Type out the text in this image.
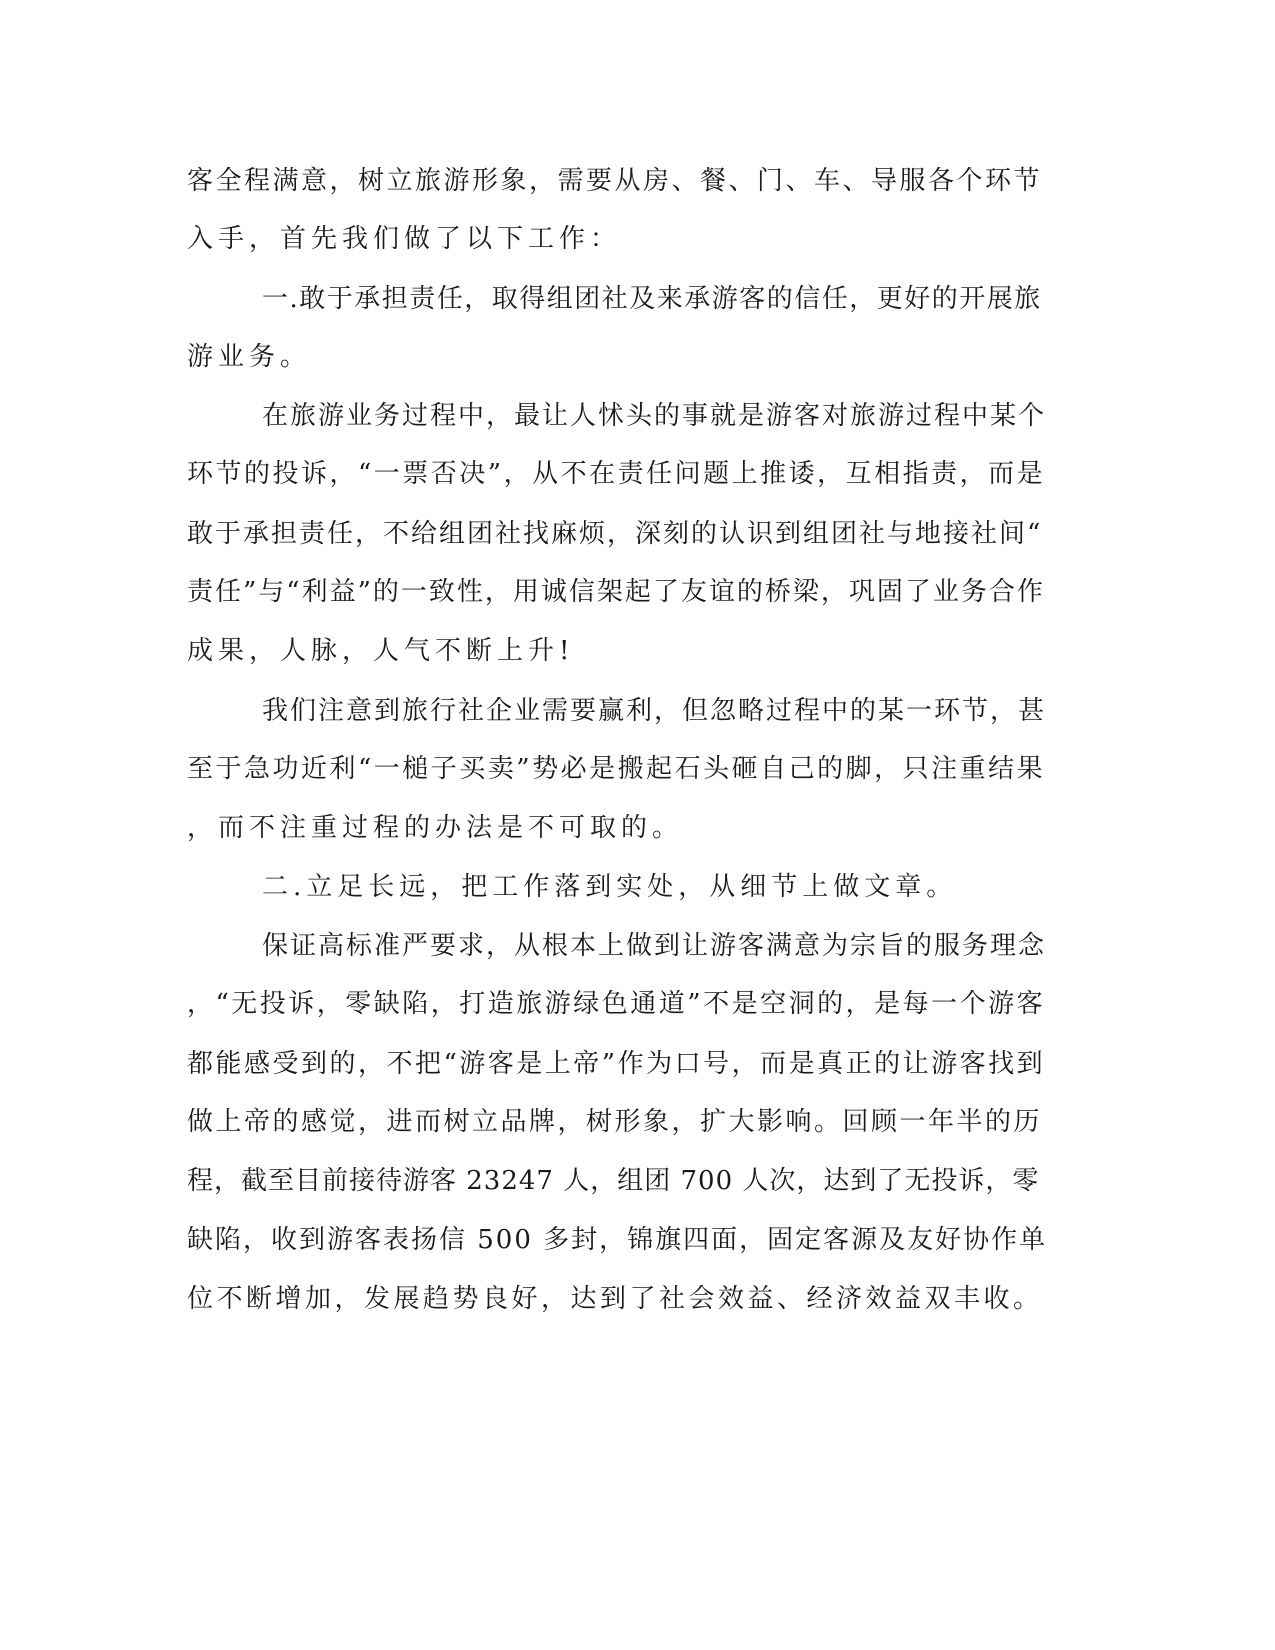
客全程满意，树立旅游形象，需要从房、餐、门、车、导服各个环节
入手，首先我们做了以下工作：
一.敢于承担责任，取得组团社及来承游客的信任，更好的开展旅
游业务。
在旅游业务过程中，最让人怵头的事就是游客对旅游过程中某个
环节的投诉，“一票否决”，从不在责任问题上推诿，互相指责，而是
敢于承担责任，不给组团社找麻烦，深刻的认识到组团社与地接社间“
责任”与“利益”的一致性，用诚信架起了友谊的桥梁，巩固了业务合作
成果，人脉，人气不断上升!
我们注意到旅行社企业需要赢利，但忽略过程中的某一环节，甚
至于急功近利“一槌子买卖”势必是搬起石头砸自己的脚，只注重结果
，而不注重过程的办法是不可取的。
二.立足长远，把工作落到实处，从细节上做文章。
保证高标准严要求，从根本上做到让游客满意为宗旨的服务理念
，“无投诉，零缺陷，打造旅游绿色通道”不是空洞的，是每一个游客
都能感受到的，不把“游客是上帝”作为口号，而是真正的让游客找到
做上帝的感觉，进而树立品牌，树形象，扩大影响。回顾一年半的历
程，截至目前接待游客 23247 人，组团 700 人次，达到了无投诉，零
缺陷，收到游客表扬信 500 多封，锦旗四面，固定客源及友好协作单
位不断增加，发展趋势良好，达到了社会效益、经济效益双丰收。
